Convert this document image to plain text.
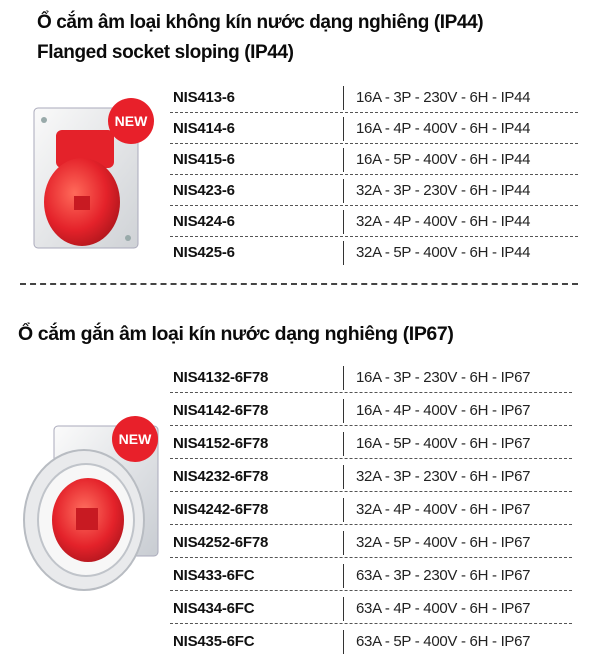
Ổ cắm âm loại không kín nước dạng nghiêng (IP44)
Flanged socket sloping (IP44)
NEW
NIS413-6	16A - 3P - 230V - 6H - IP44
NIS414-6	16A - 4P - 400V - 6H - IP44
NIS415-6	16A - 5P - 400V - 6H - IP44
NIS423-6	32A - 3P - 230V - 6H - IP44
NIS424-6	32A - 4P - 400V - 6H - IP44
NIS425-6	32A - 5P - 400V - 6H - IP44
Ổ cắm gắn âm loại kín nước dạng nghiêng (IP67)
NEW
NIS4132-6F78	16A - 3P - 230V - 6H - IP67
NIS4142-6F78	16A - 4P - 400V - 6H - IP67
NIS4152-6F78	16A - 5P - 400V - 6H - IP67
NIS4232-6F78	32A - 3P - 230V - 6H - IP67
NIS4242-6F78	32A - 4P - 400V - 6H - IP67
NIS4252-6F78	32A - 5P - 400V - 6H - IP67
NIS433-6FC	63A - 3P - 230V - 6H - IP67
NIS434-6FC	63A - 4P - 400V - 6H - IP67
NIS435-6FC	63A - 5P - 400V - 6H - IP67
